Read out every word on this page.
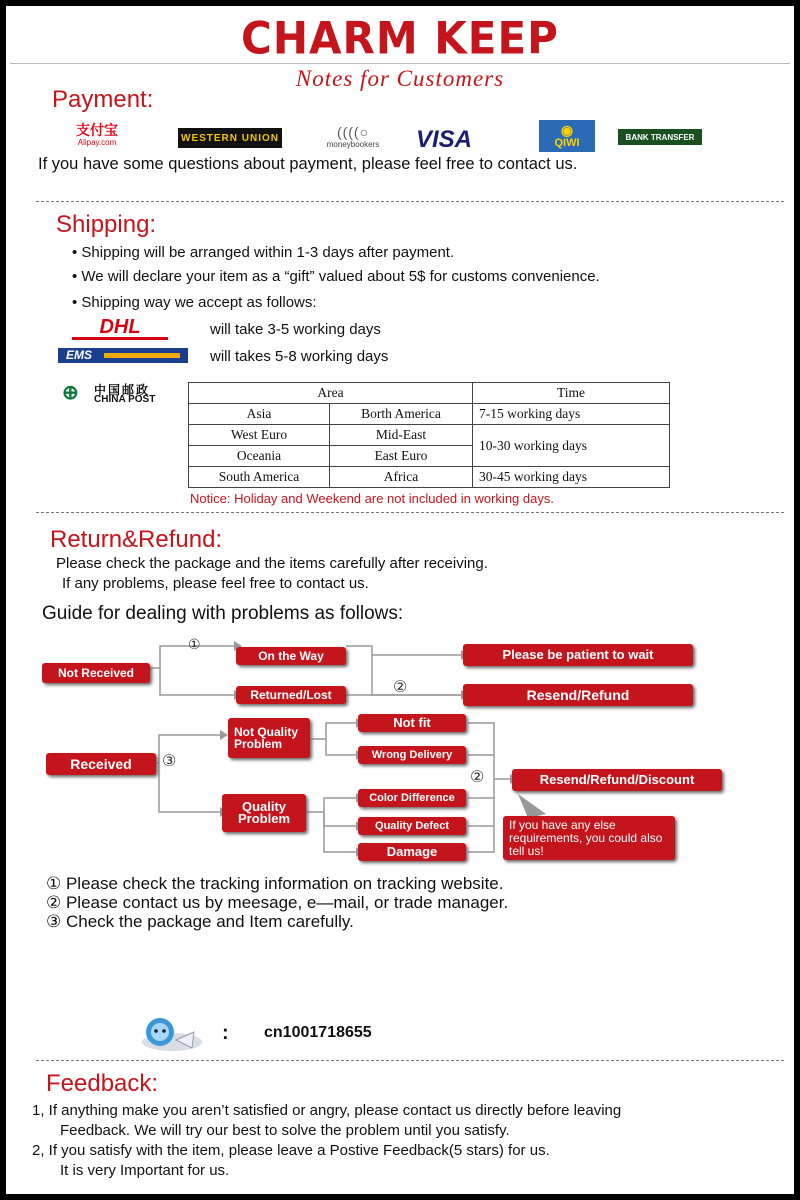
CHARM KEEP
Notes for Customers
Payment:
支付宝
Alipay.com	WESTERN UNION	((((○
moneybookers	VISA	◉
QIWI	BANK TRANSFER
If you have some questions about payment, please feel free to contact us.
Shipping:
• Shipping will be arranged within 1-3 days after payment.
• We will declare your item as a “gift” valued about 5$ for customs convenience.
• Shipping way we accept as follows:
DHL	will take 3-5 working days
EMS	will takes 5-8 working days
⊕ 中国邮政
CHINA POST	Area		Time
Asia	Borth America	7-15 working days
West Euro	Mid-East	10-30 working days
Oceania	East Euro	
South America	Africa	30-45 working days
Notice: Holiday and Weekend are not included in working days.
Return&Refund:
Please check the package and the items carefully after receiving.
If any problems, please feel free to contact us.
Guide for dealing with problems as follows:
Not Received
①
On the Way
Returned/Lost	②
Please be patient to wait
Resend/Refund
Received	③
Not Quality Problem
Quality Problem
Not fit
Wrong Delivery
Color Difference
Quality Defect
Damage
②	Resend/Refund/Discount
If you have any else requirements, you could also tell us!
① Please check the tracking information on tracking website.
② Please contact us by meesage, e—mail, or trade manager.
③ Check the package and Item carefully.
: cn1001718655
Feedback:
1, If anything make you aren’t satisfied or angry, please contact us directly before leaving
Feedback. We will try our best to solve the problem until you satisfy.
2, If you satisfy with the item, please leave a Postive Feedback(5 stars) for us.
It is very Important for us.
